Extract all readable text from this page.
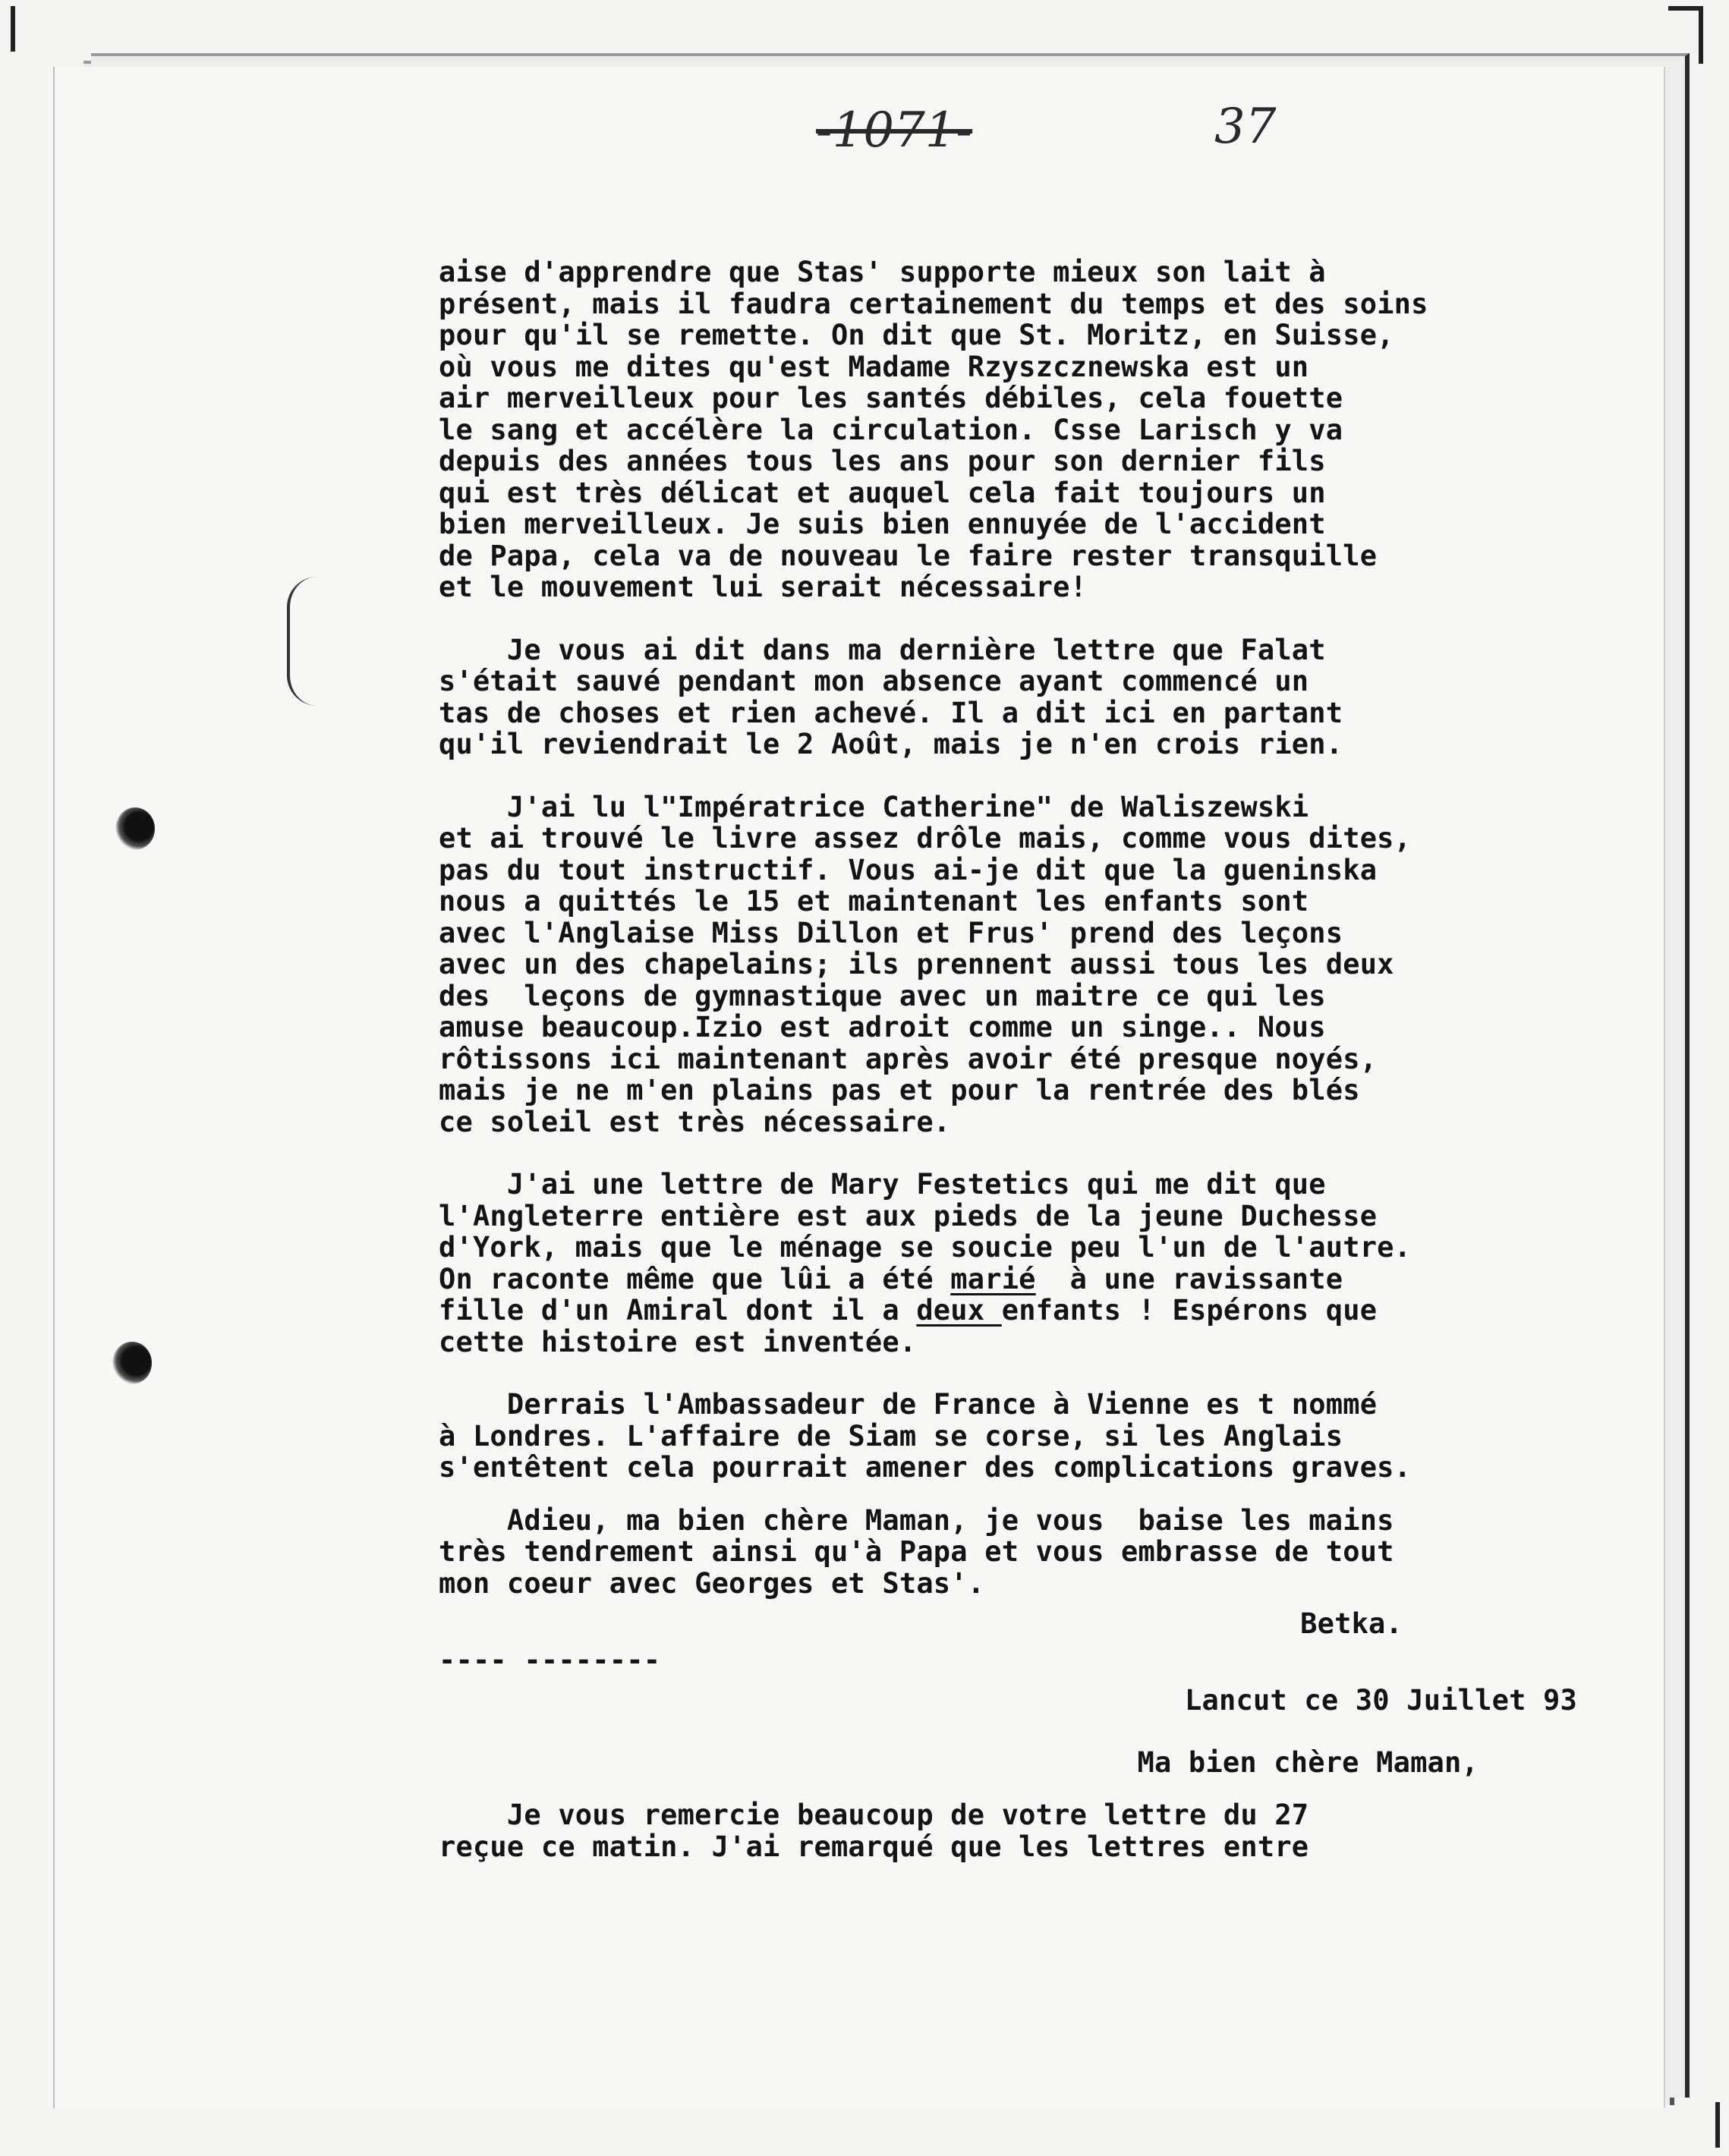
-1071-	37

aise d'apprendre que Stas' supporte mieux son lait à

présent, mais il faudra certainement du temps et des soins

pour qu'il se remette. On dit que St. Moritz, en Suisse,

où vous me dites qu'est Madame Rzyszcznewska est un

air merveilleux pour les santés débiles, cela fouette

le sang et accélère la circulation. Csse Larisch y va

depuis des années tous les ans pour son dernier fils

qui est très délicat et auquel cela fait toujours un

bien merveilleux. Je suis bien ennuyée de l'accident

de Papa, cela va de nouveau le faire rester transquille

et le mouvement lui serait nécessaire!

Je vous ai dit dans ma dernière lettre que Falat

s'était sauvé pendant mon absence ayant commencé un

tas de choses et rien achevé. Il a dit ici en partant

qu'il reviendrait le 2 Août, mais je n'en crois rien.

J'ai lu l"Impératrice Catherine" de Waliszewski

et ai trouvé le livre assez drôle mais, comme vous dites,

pas du tout instructif. Vous ai-je dit que la gueninska

nous a quittés le 15 et maintenant les enfants sont

avec l'Anglaise Miss Dillon et Frus' prend des leçons

avec un des chapelains; ils prennent aussi tous les deux

des  leçons de gymnastique avec un maitre ce qui les

amuse beaucoup.Izio est adroit comme un singe.. Nous

rôtissons ici maintenant après avoir été presque noyés,

mais je ne m'en plains pas et pour la rentrée des blés

ce soleil est très nécessaire.

J'ai une lettre de Mary Festetics qui me dit que

l'Angleterre entière est aux pieds de la jeune Duchesse

d'York, mais que le ménage se soucie peu l'un de l'autre.

On raconte même que lûi a été marié  à une ravissante

fille d'un Amiral dont il a deux enfants ! Espérons que

cette histoire est inventée.

Derrais l'Ambassadeur de France à Vienne es t nommé

à Londres. L'affaire de Siam se corse, si les Anglais

s'entêtent cela pourrait amener des complications graves.

Adieu, ma bien chère Maman, je vous  baise les mains

très tendrement ainsi qu'à Papa et vous embrasse de tout

mon coeur avec Georges et Stas'.

Betka.

---- --------

Lancut ce 30 Juillet 93

Ma bien chère Maman,

Je vous remercie beaucoup de votre lettre du 27

reçue ce matin. J'ai remarqué que les lettres entre
